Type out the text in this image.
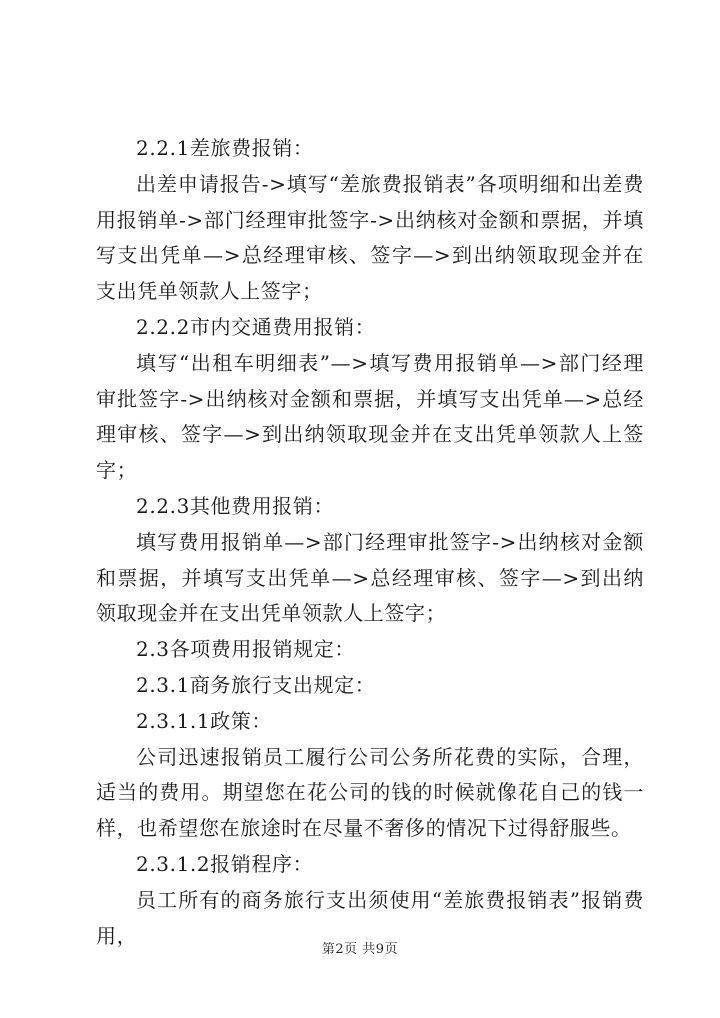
2.2.1差旅费报销：

出差申请报告->填写“差旅费报销表”各项明细和出差费用报销单->部门经理审批签字->出纳核对金额和票据，并填写支出凭单—>总经理审核、签字—>到出纳领取现金并在支出凭单领款人上签字；

2.2.2市内交通费用报销：

填写“出租车明细表”—>填写费用报销单—>部门经理审批签字->出纳核对金额和票据，并填写支出凭单—>总经理审核、签字—>到出纳领取现金并在支出凭单领款人上签字；

2.2.3其他费用报销：

填写费用报销单—>部门经理审批签字->出纳核对金额和票据，并填写支出凭单—>总经理审核、签字—>到出纳领取现金并在支出凭单领款人上签字；

2.3各项费用报销规定：

2.3.1商务旅行支出规定：

2.3.1.1政策：

公司迅速报销员工履行公司公务所花费的实际，合理，适当的费用。期望您在花公司的钱的时候就像花自己的钱一样，也希望您在旅途时在尽量不奢侈的情况下过得舒服些。

2.3.1.2报销程序：

员工所有的商务旅行支出须使用“差旅费报销表”报销费用，

第2页 共9页
